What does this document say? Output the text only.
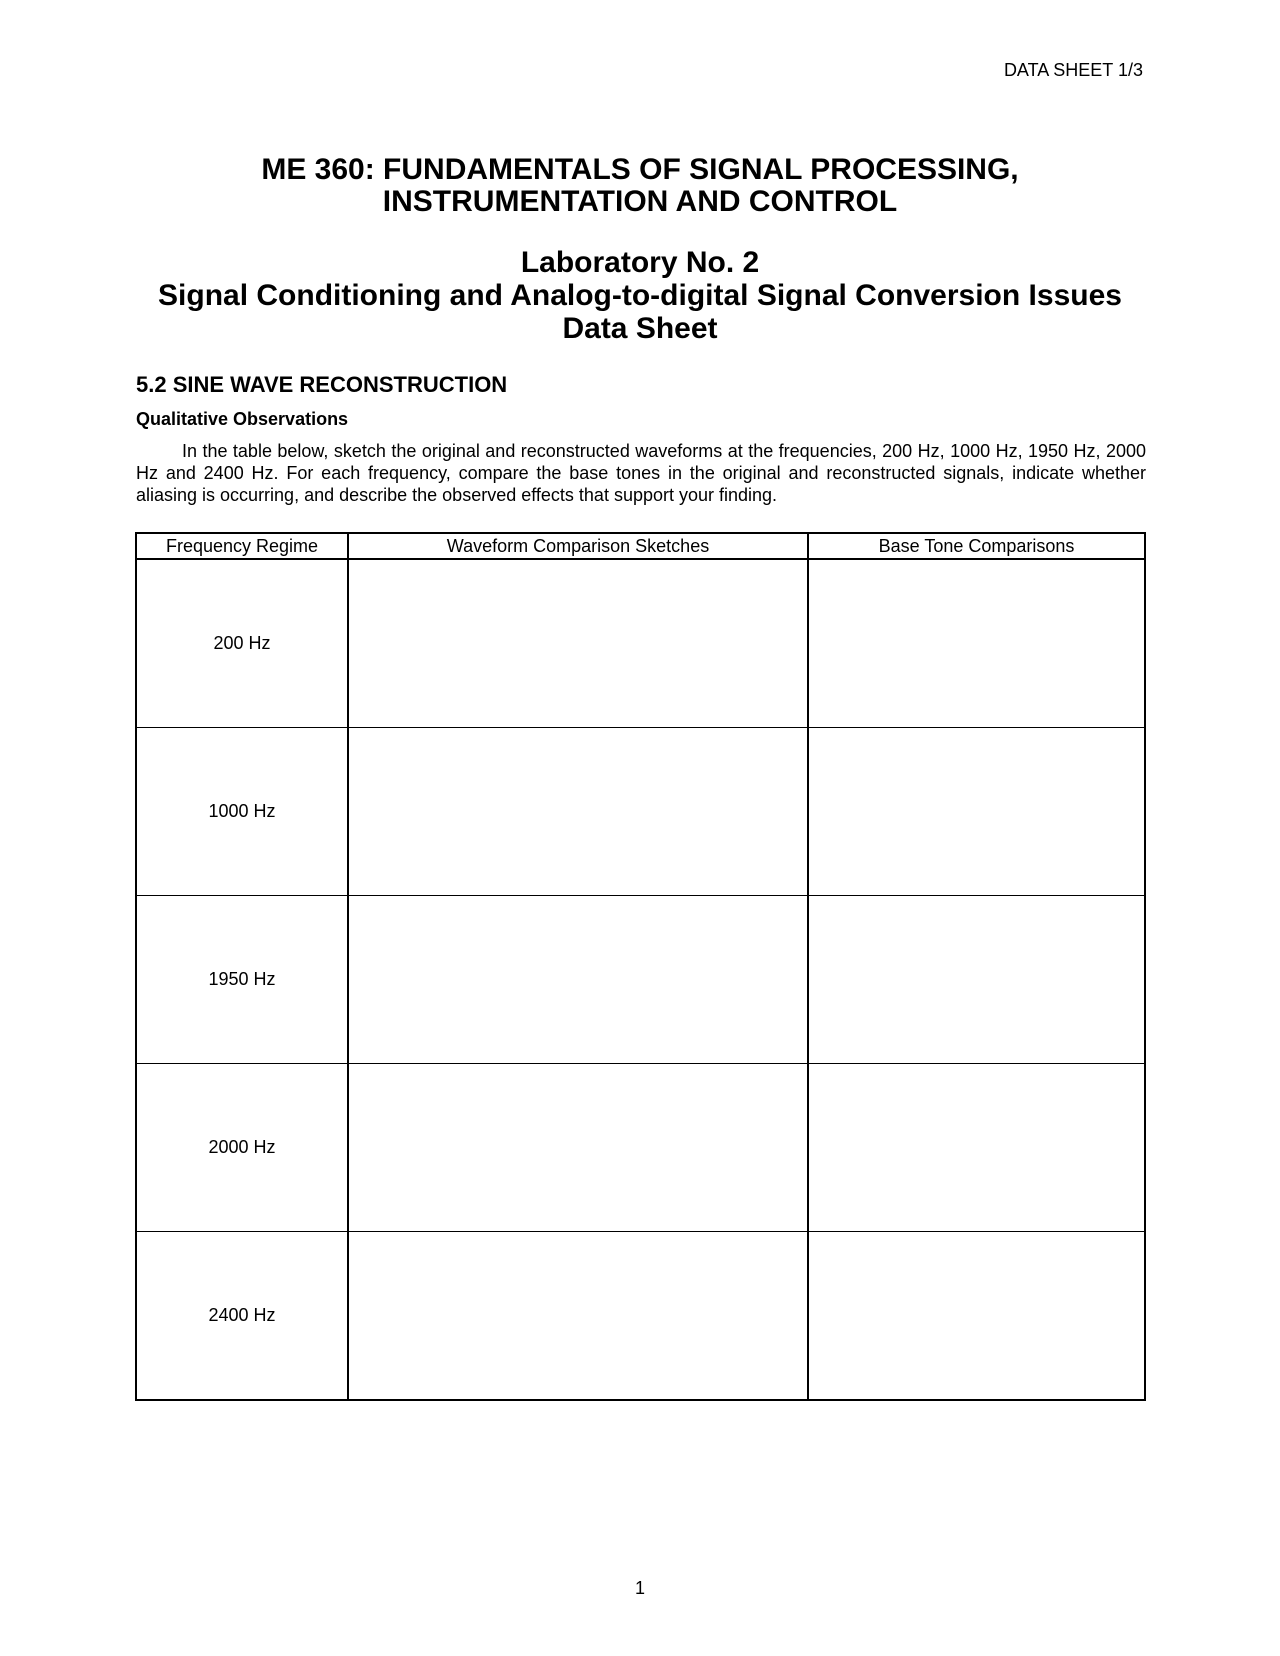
DATA SHEET 1/3

ME 360: FUNDAMENTALS OF SIGNAL PROCESSING,

INSTRUMENTATION AND CONTROL

Laboratory No. 2
Signal Conditioning and Analog-to-digital Signal Conversion Issues
Data Sheet
5.2 SINE WAVE RECONSTRUCTION
Qualitative Observations
In the table below, sketch the original and reconstructed waveforms at the frequencies, 200 Hz, 1000 Hz, 1950 Hz, 2000 Hz and 2400 Hz. For each frequency, compare the base tones in the original and reconstructed signals, indicate whether aliasing is occurring, and describe the observed effects that support your finding.
Frequency Regime	Waveform Comparison Sketches	Base Tone Comparisons
200 Hz		
1000 Hz		
1950 Hz		
2000 Hz		
2400 Hz		
1
